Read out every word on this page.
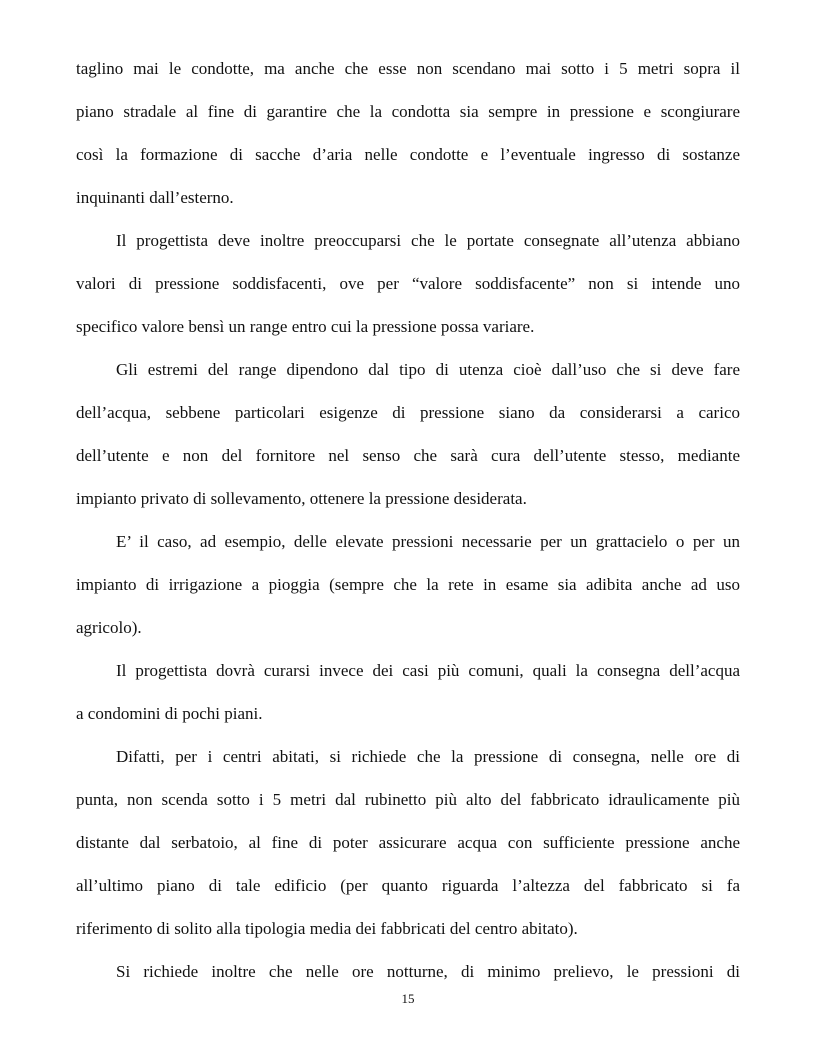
taglino mai le condotte, ma anche che esse non scendano mai sotto i 5 metri sopra il
piano stradale al fine di garantire che la condotta sia sempre in pressione e scongiurare
così la formazione di sacche d’aria nelle condotte e l’eventuale ingresso di sostanze
inquinanti dall’esterno.
Il progettista deve inoltre preoccuparsi che le portate consegnate all’utenza abbiano
valori di pressione soddisfacenti, ove per “valore soddisfacente” non si intende uno
specifico valore bensì un range entro cui la pressione possa variare.
Gli estremi del range dipendono dal tipo di utenza cioè dall’uso che si deve fare
dell’acqua, sebbene particolari esigenze di pressione siano da considerarsi a carico
dell’utente e non del fornitore nel senso che sarà cura dell’utente stesso, mediante
impianto privato di sollevamento, ottenere la pressione desiderata.
E’ il caso, ad esempio, delle elevate pressioni necessarie per un grattacielo o per un
impianto di irrigazione a pioggia (sempre che la rete in esame sia adibita anche ad uso
agricolo).
Il progettista dovrà curarsi invece dei casi più comuni, quali la consegna dell’acqua
a condomini di pochi piani.
Difatti, per i centri abitati, si richiede che la pressione di consegna, nelle ore di
punta, non scenda sotto i 5 metri dal rubinetto più alto del fabbricato idraulicamente più
distante dal serbatoio, al fine di poter assicurare acqua con sufficiente pressione anche
all’ultimo piano di tale edificio (per quanto riguarda l’altezza del fabbricato si fa
riferimento di solito alla tipologia media dei fabbricati del centro abitato).
Si richiede inoltre che nelle ore notturne, di minimo prelievo, le pressioni di
15
